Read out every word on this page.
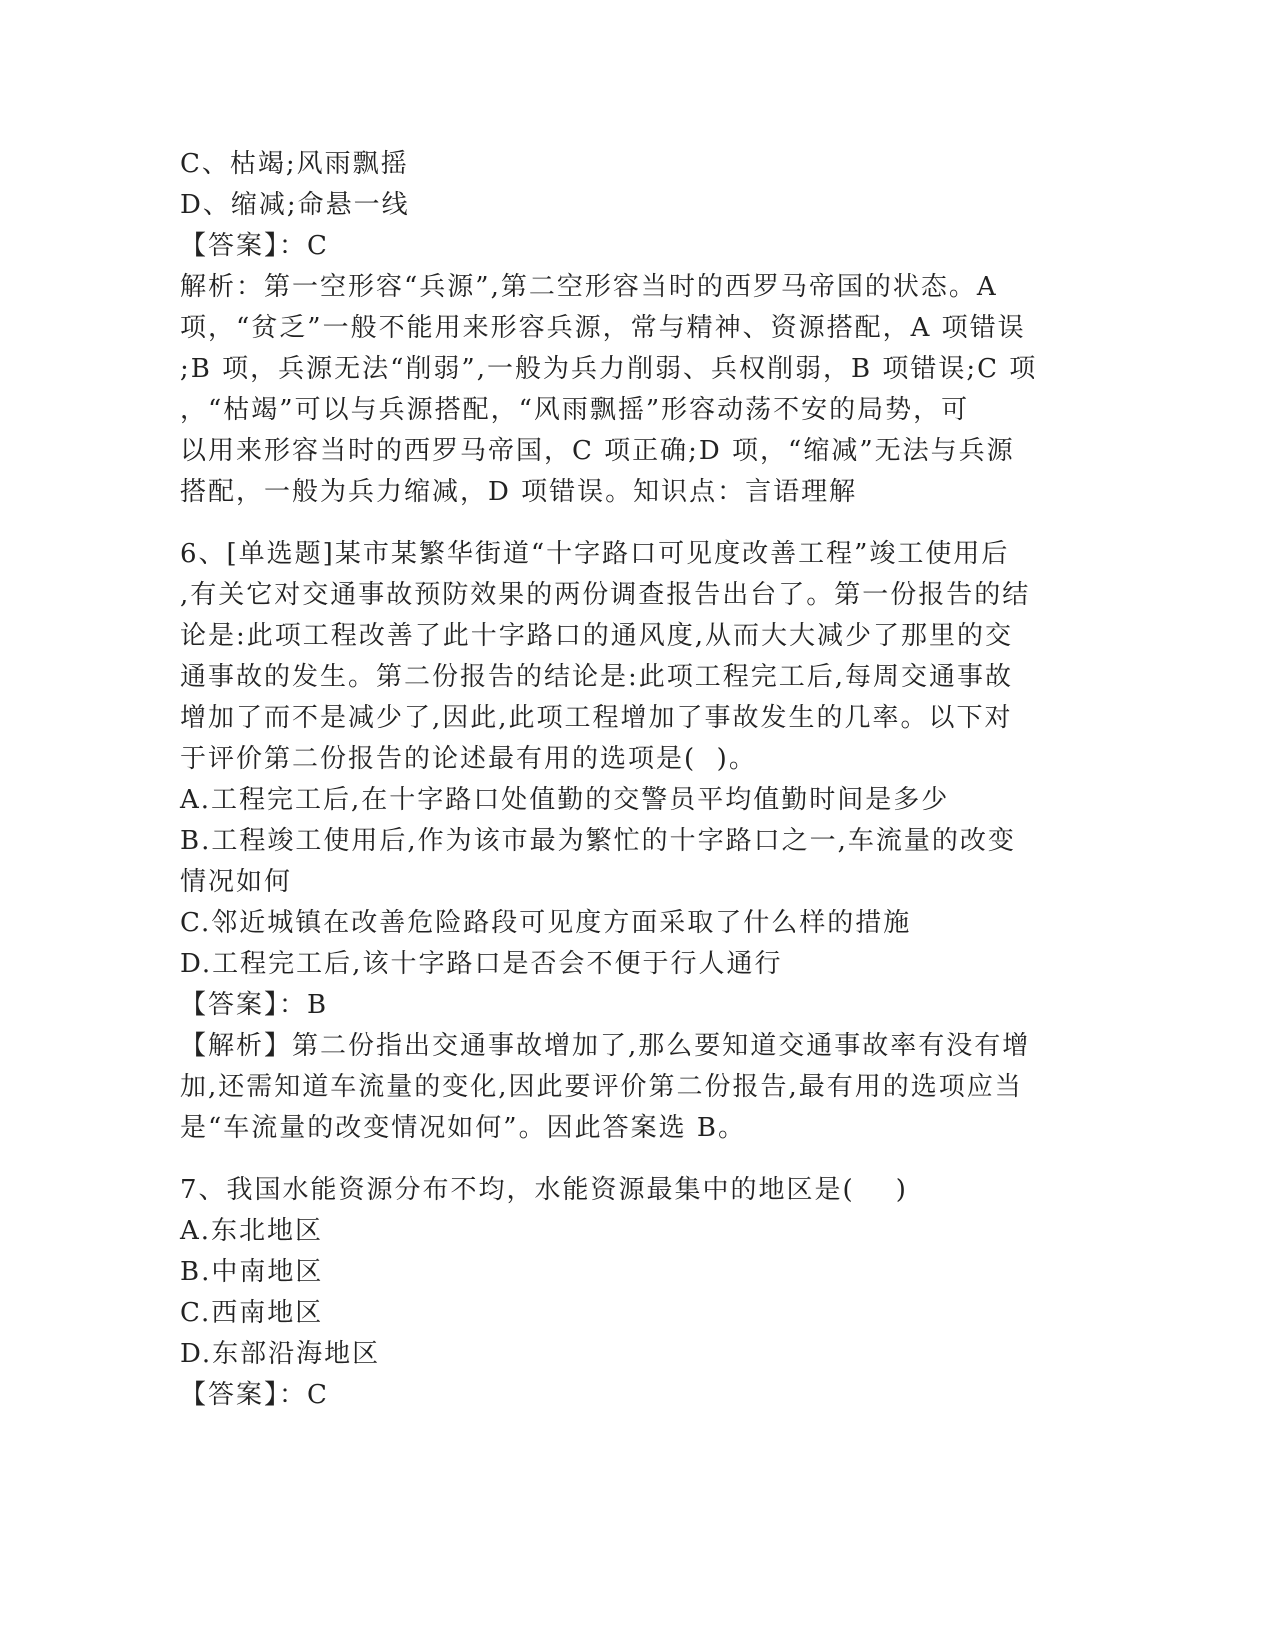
C、枯竭;风雨飘摇

D、缩减;命悬一线

【答案】：C

解析：第一空形容“兵源”,第二空形容当时的西罗马帝国的状态。A

项，“贫乏”一般不能用来形容兵源，常与精神、资源搭配，A 项错误

;B 项，兵源无法“削弱”,一般为兵力削弱、兵权削弱，B 项错误;C 项

，“枯竭”可以与兵源搭配，“风雨飘摇”形容动荡不安的局势，可

以用来形容当时的西罗马帝国，C 项正确;D 项，“缩减”无法与兵源

搭配，一般为兵力缩减，D 项错误。知识点：言语理解

6、[单选题]某市某繁华街道“十字路口可见度改善工程”竣工使用后

,有关它对交通事故预防效果的两份调查报告出台了。第一份报告的结

论是:此项工程改善了此十字路口的通风度,从而大大减少了那里的交

通事故的发生。第二份报告的结论是:此项工程完工后,每周交通事故

增加了而不是减少了,因此,此项工程增加了事故发生的几率。以下对

于评价第二份报告的论述最有用的选项是(  )。

A.工程完工后,在十字路口处值勤的交警员平均值勤时间是多少

B.工程竣工使用后,作为该市最为繁忙的十字路口之一,车流量的改变

情况如何

C.邻近城镇在改善危险路段可见度方面采取了什么样的措施

D.工程完工后,该十字路口是否会不便于行人通行

【答案】：B

【解析】第二份指出交通事故增加了,那么要知道交通事故率有没有增

加,还需知道车流量的变化,因此要评价第二份报告,最有用的选项应当

是“车流量的改变情况如何”。因此答案选 B。

7、我国水能资源分布不均，水能资源最集中的地区是(    )

A.东北地区

B.中南地区

C.西南地区

D.东部沿海地区

【答案】：C
